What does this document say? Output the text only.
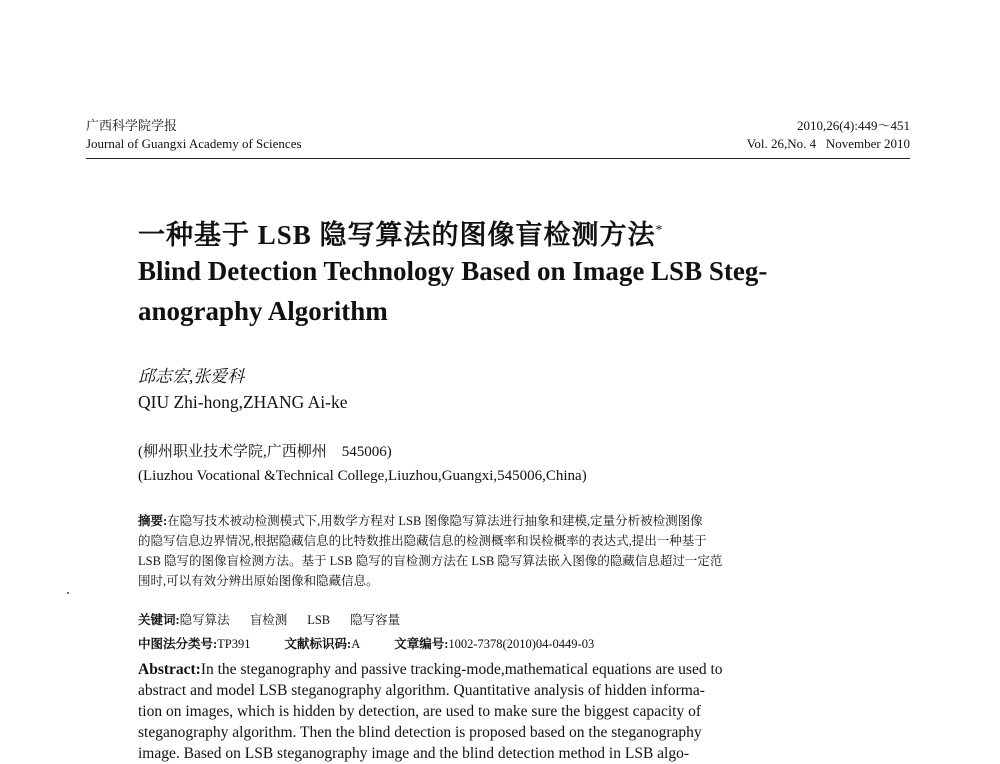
广西科学院学报
Journal of Guangxi Academy of Sciences
2010,26(4):449～451
Vol. 26,No. 4 November 2010
一种基于 LSB 隐写算法的图像盲检测方法*
Blind Detection Technology Based on Image LSB Steg-
anography Algorithm
邱志宏,张爱科
QIU Zhi-hong,ZHANG Ai-ke
(柳州职业技术学院,广西柳州　545006)
(Liuzhou Vocational &Technical College,Liuzhou,Guangxi,545006,China)
摘要:在隐写技术被动检测模式下,用数学方程对 LSB 图像隐写算法进行抽象和建模,定量分析被检测图像
的隐写信息边界情况,根据隐藏信息的比特数推出隐藏信息的检测概率和误检概率的表达式,提出一种基于
LSB 隐写的图像盲检测方法。基于 LSB 隐写的盲检测方法在 LSB 隐写算法嵌入图像的隐藏信息超过一定范
围时,可以有效分辨出原始图像和隐藏信息。
关键词:隐写算法 盲检测 LSB 隐写容量
中图法分类号:TP391	文献标识码:A	文章编号:1002-7378(2010)04-0449-03
Abstract:In the steganography and passive tracking-mode,mathematical equations are used to
abstract and model LSB steganography algorithm. Quantitative analysis of hidden informa-
tion on images, which is hidden by detection, are used to make sure the biggest capacity of
steganography algorithm. Then the blind detection is proposed based on the steganography
image. Based on LSB steganography image and the blind detection method in LSB algo-
